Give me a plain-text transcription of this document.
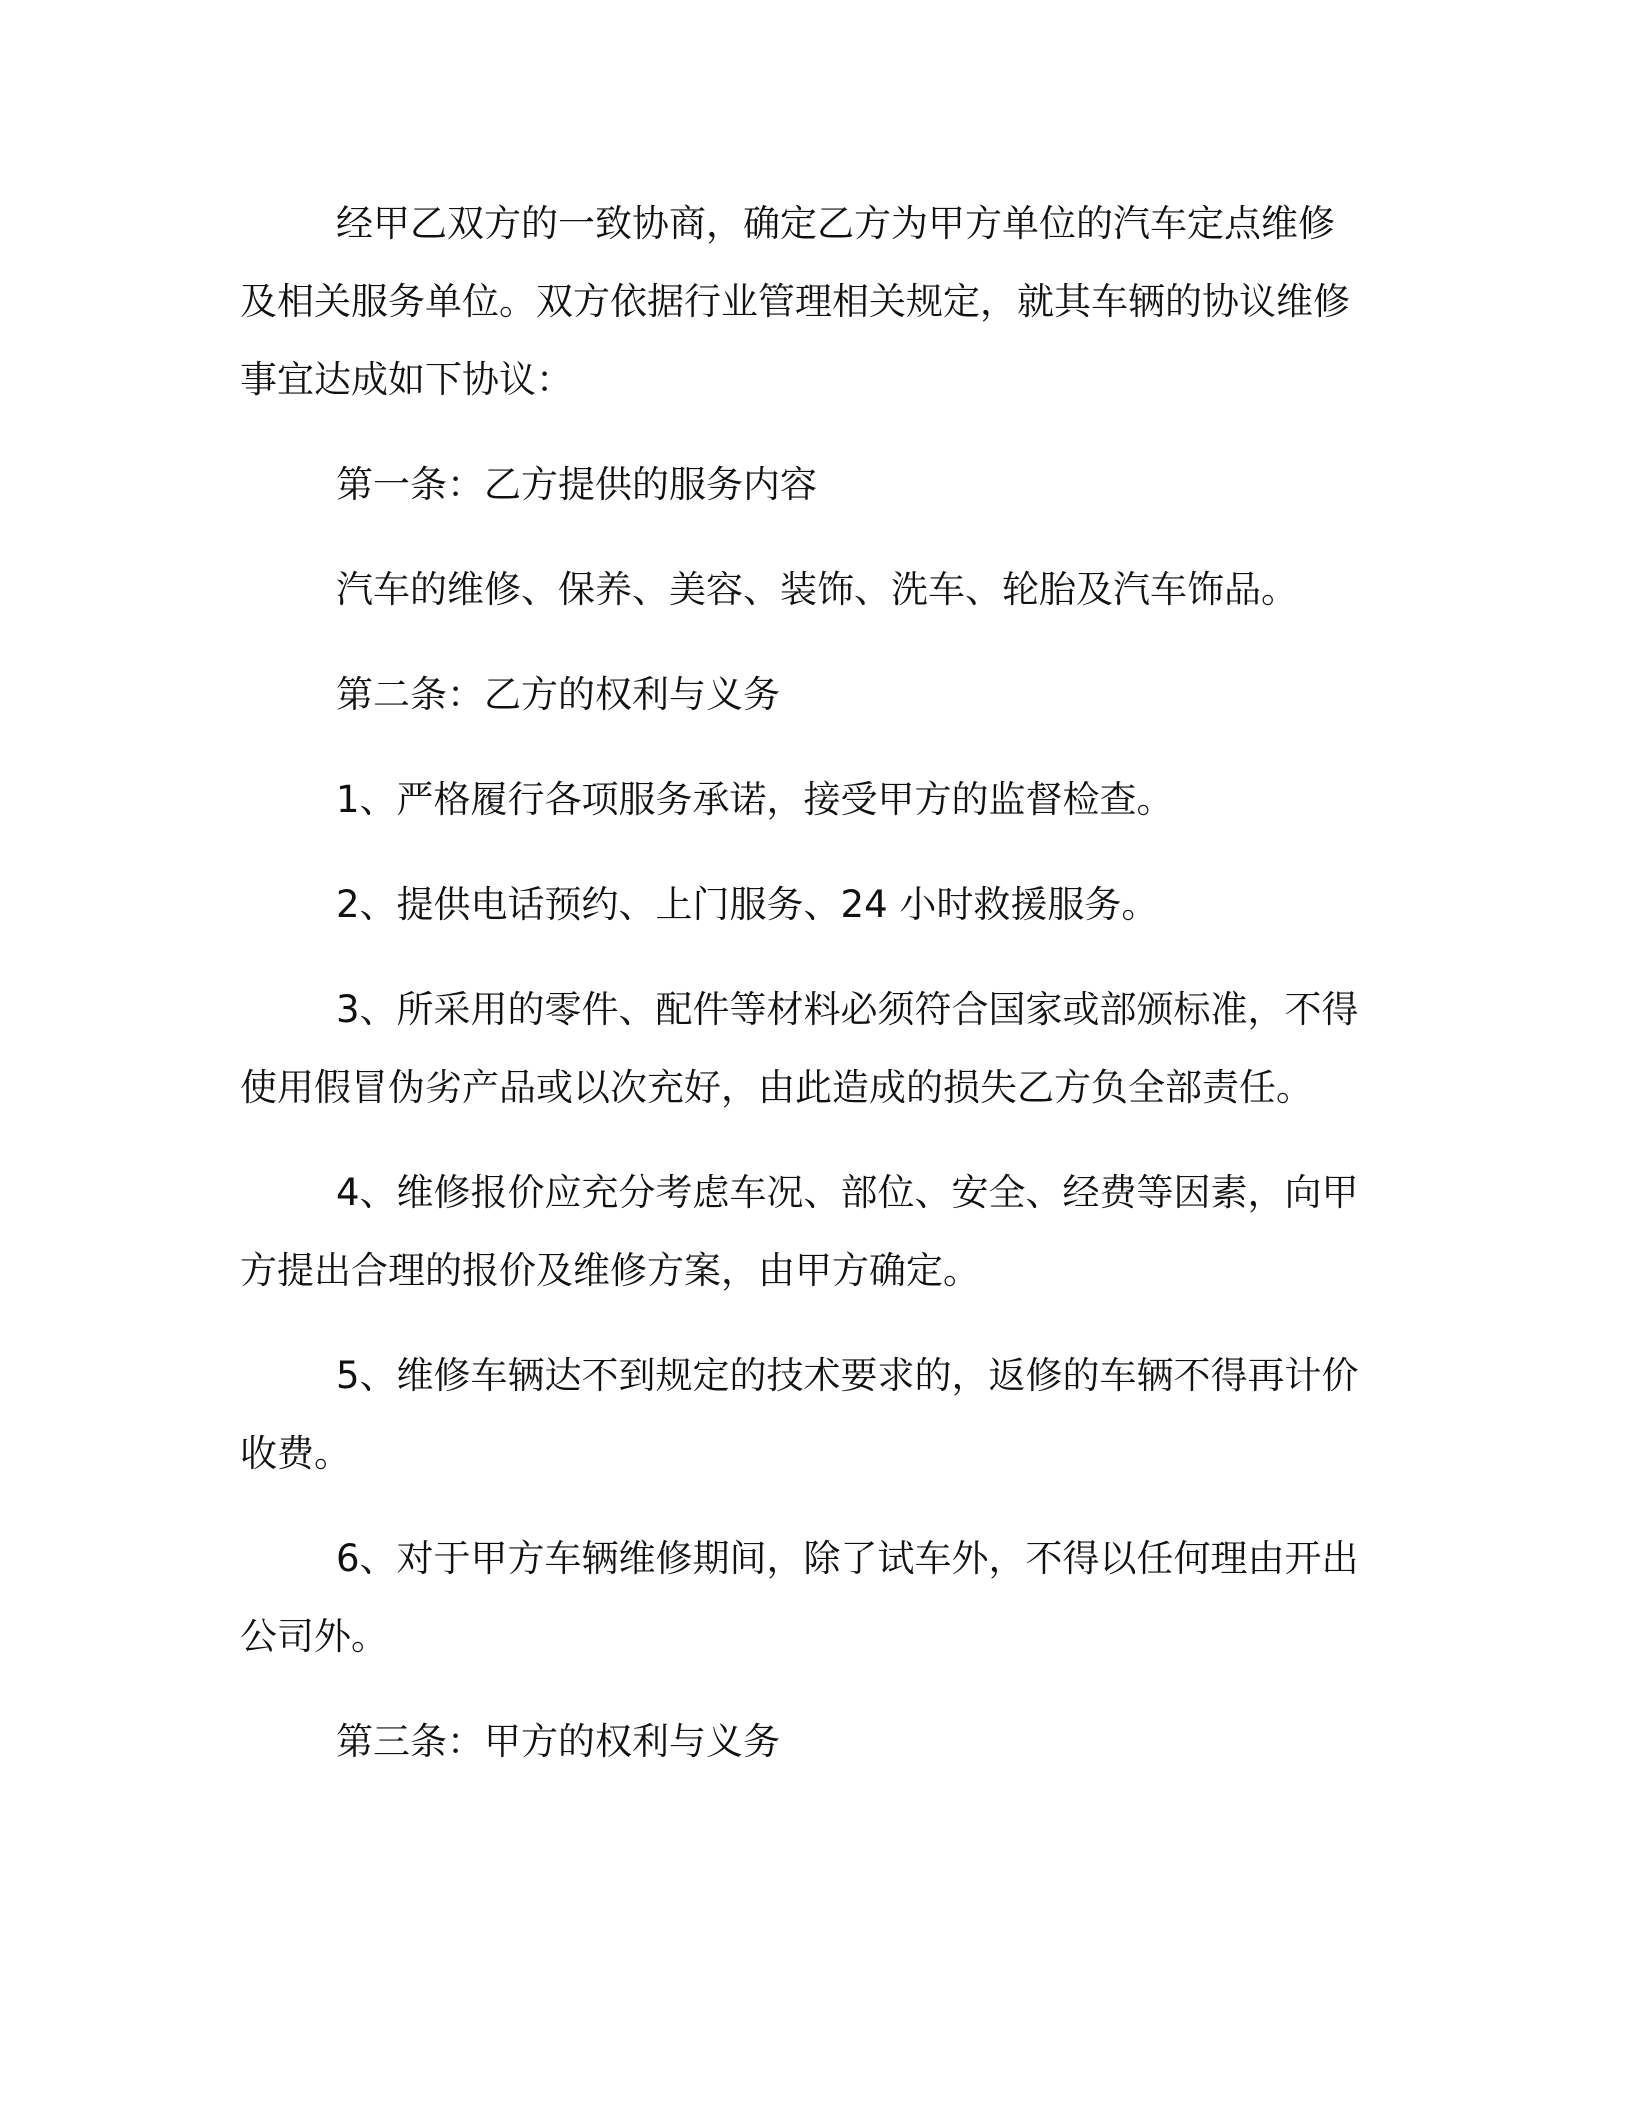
经甲乙双方的一致协商，确定乙方为甲方单位的汽车定点维修及相关服务单位。双方依据行业管理相关规定，就其车辆的协议维修事宜达成如下协议：

第一条：乙方提供的服务内容

汽车的维修、保养、美容、装饰、洗车、轮胎及汽车饰品。

第二条：乙方的权利与义务

1、严格履行各项服务承诺，接受甲方的监督检查。

2、提供电话预约、上门服务、24 小时救援服务。

3、所采用的零件、配件等材料必须符合国家或部颁标准，不得使用假冒伪劣产品或以次充好，由此造成的损失乙方负全部责任。

4、维修报价应充分考虑车况、部位、安全、经费等因素，向甲方提出合理的报价及维修方案，由甲方确定。

5、维修车辆达不到规定的技术要求的，返修的车辆不得再计价收费。

6、对于甲方车辆维修期间，除了试车外，不得以任何理由开出公司外。

第三条：甲方的权利与义务
